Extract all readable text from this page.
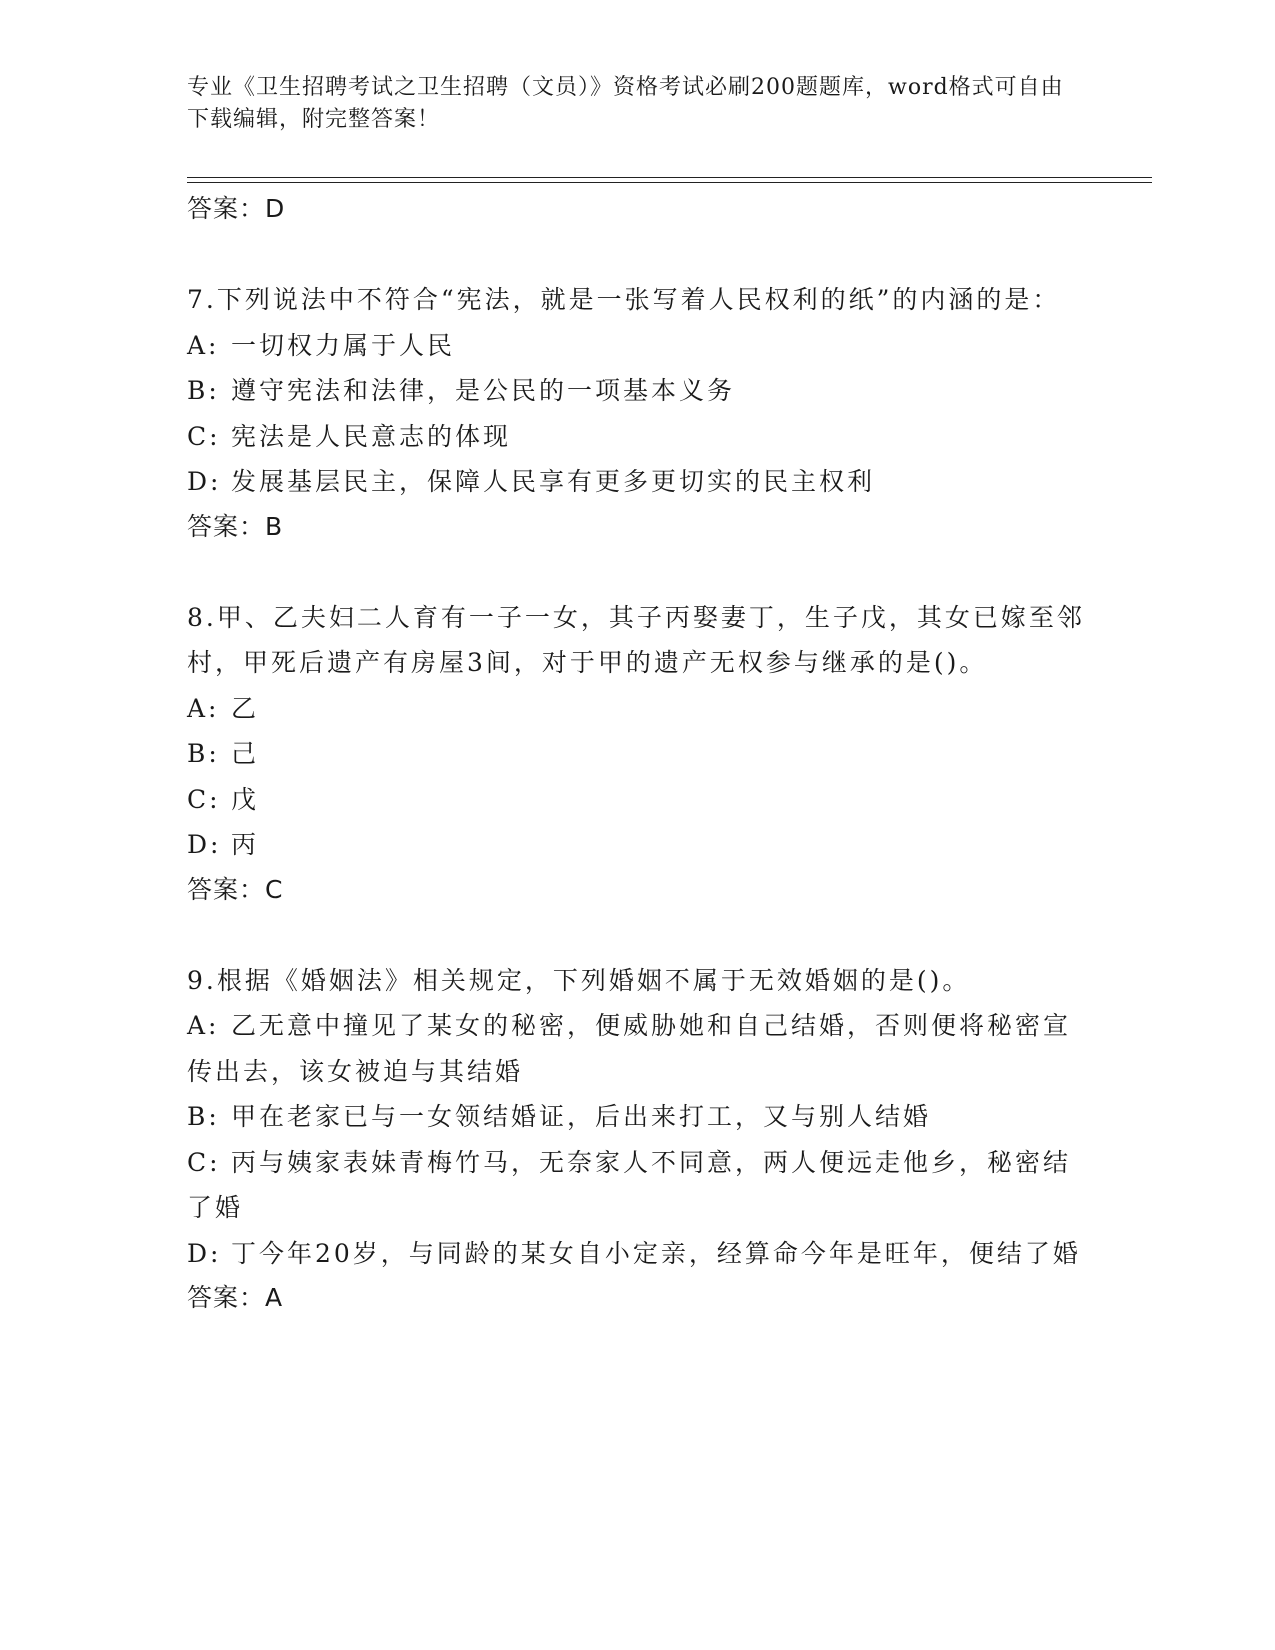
专业《卫生招聘考试之卫生招聘（文员）》资格考试必刷200题题库，word格式可自由下载编辑，附完整答案！
答案：D
7.下列说法中不符合“宪法，就是一张写着人民权利的纸”的内涵的是：
A: 一切权力属于人民
B: 遵守宪法和法律，是公民的一项基本义务
C: 宪法是人民意志的体现
D: 发展基层民主，保障人民享有更多更切实的民主权利
答案：B
8.甲、乙夫妇二人育有一子一女，其子丙娶妻丁，生子戊，其女已嫁至邻村，甲死后遗产有房屋3间，对于甲的遗产无权参与继承的是()。
A: 乙
B: 己
C: 戊
D: 丙
答案：C
9.根据《婚姻法》相关规定，下列婚姻不属于无效婚姻的是()。
A: 乙无意中撞见了某女的秘密，便威胁她和自己结婚，否则便将秘密宣传出去，该女被迫与其结婚
B: 甲在老家已与一女领结婚证，后出来打工，又与别人结婚
C: 丙与姨家表妹青梅竹马，无奈家人不同意，两人便远走他乡，秘密结了婚
D: 丁今年20岁，与同龄的某女自小定亲，经算命今年是旺年，便结了婚
答案：A
